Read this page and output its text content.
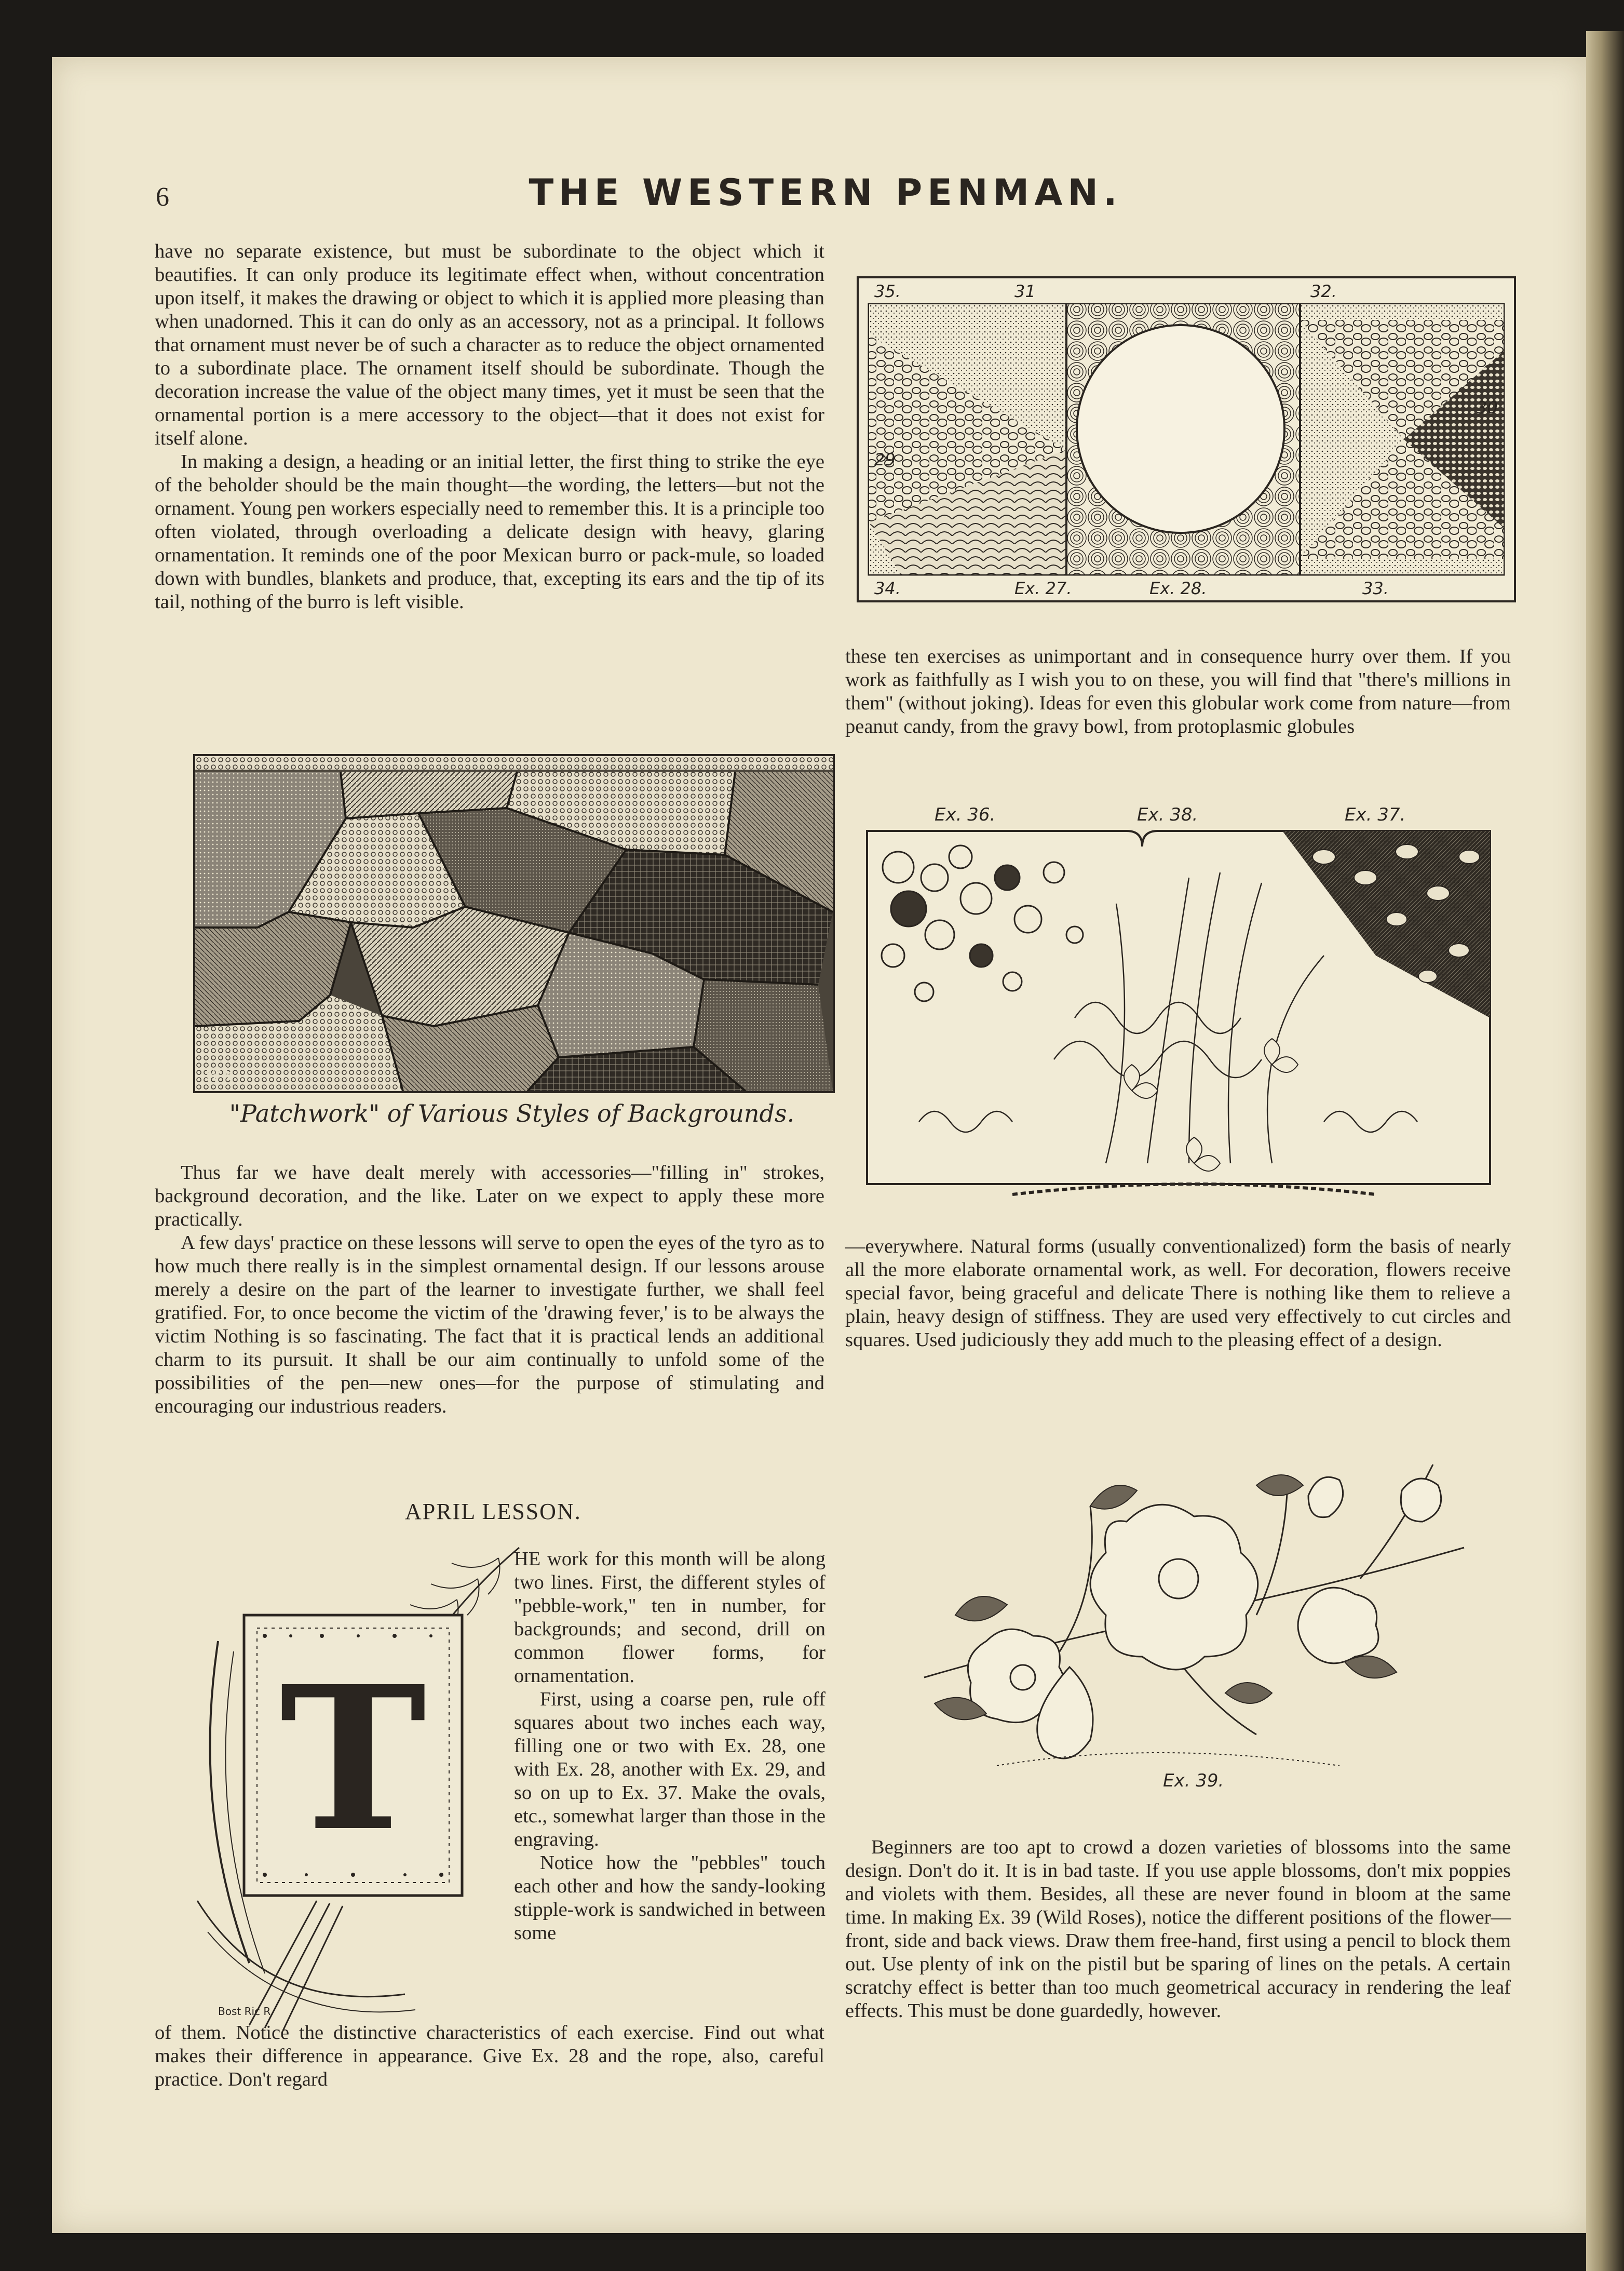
6	THE WESTERN PENMAN.

have no separate existence, but must be subordinate to the object which it beautifies. It can only produce its legitimate effect when, without concentration upon itself, it makes the drawing or object to which it is applied more pleasing than when unadorned. This it can do only as an accessory, not as a principal. It follows that ornament must never be of such a character as to reduce the object ornamented to a subordinate place. The ornament itself should be subordinate. Though the decoration increase the value of the object many times, yet it must be seen that the ornamental portion is a mere accessory to the object—that it does not exist for itself alone.

In making a design, a heading or an initial letter, the first thing to strike the eye of the beholder should be the main thought—the wording, the letters—but not the ornament. Young pen workers especially need to remember this. It is a principle too often violated, through overloading a delicate design with heavy, glaring ornamentation. It reminds one of the poor Mexican burro or pack-mule, so loaded down with bundles, blankets and produce, that, excepting its ears and the tip of its tail, nothing of the burro is left visible.

W.K.
"Patchwork" of Various Styles of Backgrounds.

Thus far we have dealt merely with accessories—"filling in" strokes, background decoration, and the like. Later on we expect to apply these more practically.

A few days' practice on these lessons will serve to open the eyes of the tyro as to how much there really is in the simplest ornamental design. If our lessons arouse merely a desire on the part of the learner to investigate further, we shall feel gratified. For, to once become the victim of the 'drawing fever,' is to be always the victim Nothing is so fascinating. The fact that it is practical lends an additional charm to its pursuit. It shall be our aim continually to unfold some of the possibilities of the pen—new ones—for the purpose of stimulating and encouraging our industrious readers.

APRIL LESSON.
T
Bost Ric R.

HE work for this month will be along two lines. First, the different styles of "pebble-work," ten in number, for backgrounds; and second, drill on common flower forms, for ornamentation.

First, using a coarse pen, rule off squares about two inches each way, filling one or two with Ex. 28, one with Ex. 28, another with Ex. 29, and so on up to Ex. 37. Make the ovals, etc., somewhat larger than those in the engraving.

Notice how the "pebbles" touch each other and how the sandy-looking stipple-work is sandwiched in between some

of them. Notice the distinctive characteristics of each exercise. Find out what makes their difference in appearance. Give Ex. 28 and the rope, also, careful practice. Don't regard

35.	31	32.
29
30
34.	Ex. 27.	Ex. 28.	33.

these ten exercises as unimportant and in consequence hurry over them. If you work as faithfully as I wish you to on these, you will find that "there's millions in them" (without joking). Ideas for even this globular work come from nature—from peanut candy, from the gravy bowl, from protoplasmic globules

Ex. 36.	Ex. 38.	Ex. 37.

—everywhere. Natural forms (usually conventionalized) form the basis of nearly all the more elaborate ornamental work, as well. For decoration, flowers receive special favor, being graceful and delicate There is nothing like them to relieve a plain, heavy design of stiffness. They are used very effectively to cut circles and squares. Used judiciously they add much to the pleasing effect of a design.

Ex. 39.

Beginners are too apt to crowd a dozen varieties of blossoms into the same design. Don't do it. It is in bad taste. If you use apple blossoms, don't mix poppies and violets with them. Besides, all these are never found in bloom at the same time. In making Ex. 39 (Wild Roses), notice the different positions of the flower—front, side and back views. Draw them free-hand, first using a pencil to block them out. Use plenty of ink on the pistil but be sparing of lines on the petals. A certain scratchy effect is better than too much geometrical accuracy in rendering the leaf effects. This must be done guardedly, however.
